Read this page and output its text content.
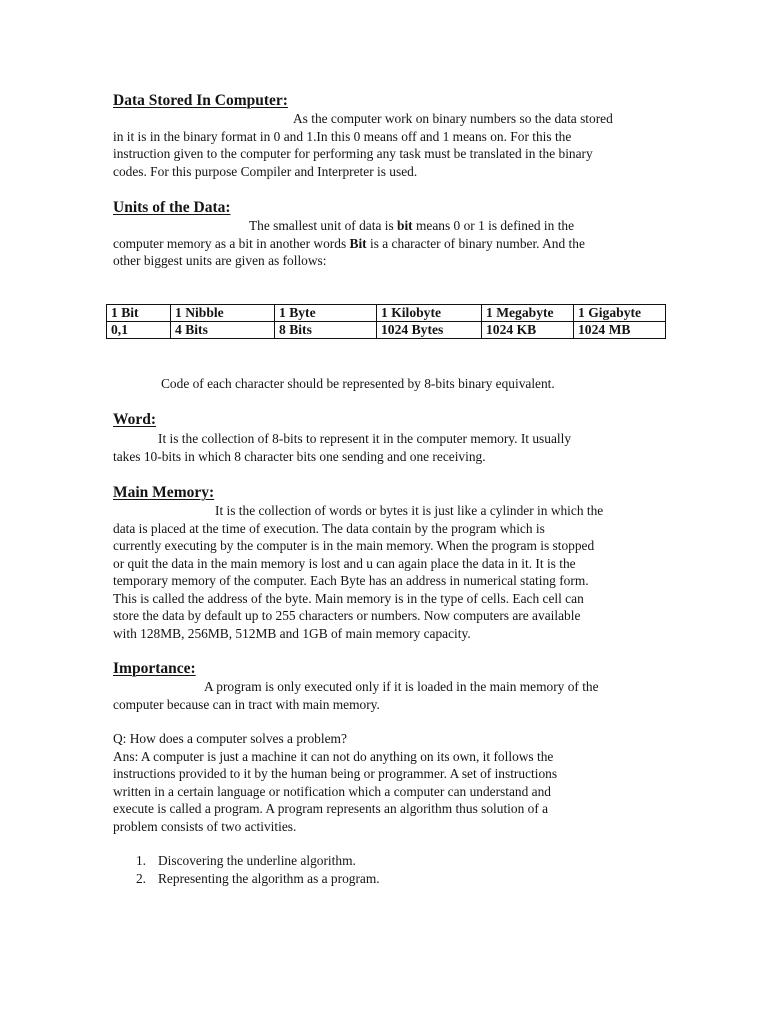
Data Stored In Computer:
As the computer work on binary numbers so the data stored
in it is in the binary format in 0 and 1.In this 0 means off and 1 means on. For this the
instruction given to the computer for performing any task must be translated in the binary
codes. For this purpose Compiler and Interpreter is used.
Units of the Data:
The smallest unit of data is bit means 0 or 1 is defined in the
computer memory as a bit in another words Bit is a character of binary number. And the
other biggest units are given as follows:
1 Bit	1 Nibble	1 Byte	1 Kilobyte	1 Megabyte	1 Gigabyte
0,1	4 Bits	8 Bits	1024 Bytes	1024 KB	1024 MB
Code of each character should be represented by 8-bits binary equivalent.
Word:
It is the collection of 8-bits to represent it in the computer memory. It usually
takes 10-bits in which 8 character bits one sending and one receiving.
Main Memory:
It is the collection of words or bytes it is just like a cylinder in which the
data is placed at the time of execution. The data contain by the program which is
currently executing by the computer is in the main memory. When the program is stopped
or quit the data in the main memory is lost and u can again place the data in it. It is the
temporary memory of the computer. Each Byte has an address in numerical stating form.
This is called the address of the byte. Main memory is in the type of cells. Each cell can
store the data by default up to 255 characters or numbers. Now computers are available
with 128MB, 256MB, 512MB and 1GB of main memory capacity.
Importance:
A program is only executed only if it is loaded in the main memory of the
computer because can in tract with main memory.
Q: How does a computer solves a problem?
Ans: A computer is just a machine it can not do anything on its own, it follows the
instructions provided to it by the human being or programmer. A set of instructions
written in a certain language or notification which a computer can understand and
execute is called a program. A program represents an algorithm thus solution of a
problem consists of two activities.
1. Discovering the underline algorithm.
2. Representing the algorithm as a program.
